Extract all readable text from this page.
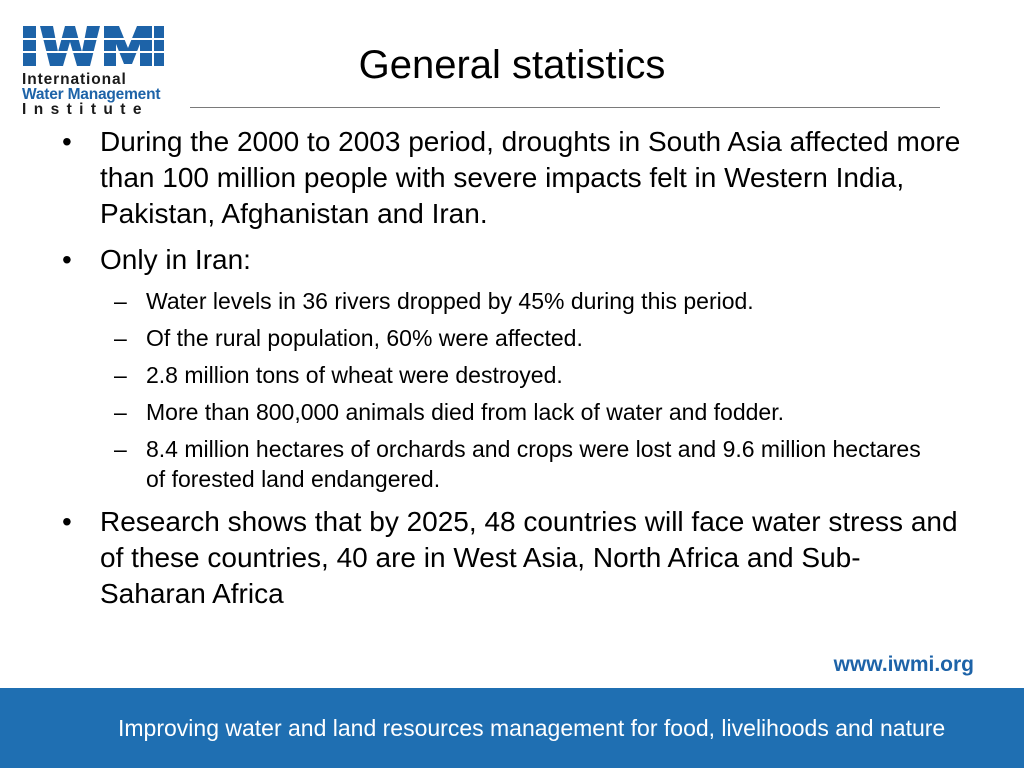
International
Water Management
Institute
General statistics
• During the 2000 to 2003 period, droughts in South Asia affected more than 100 million people with severe impacts felt in Western India, Pakistan, Afghanistan and Iran.
• Only in Iran:
– Water levels in 36 rivers dropped by 45% during this period.
– Of the rural population, 60% were affected.
– 2.8 million tons of wheat were destroyed.
– More than 800,000 animals died from lack of water and fodder.
– 8.4 million hectares of orchards and crops were lost and 9.6 million hectares of forested land endangered.
• Research shows that by 2025, 48 countries will face water stress and of these countries, 40 are in West Asia, North Africa and Sub-Saharan Africa
www.iwmi.org
Improving water and land resources management for food, livelihoods and nature
